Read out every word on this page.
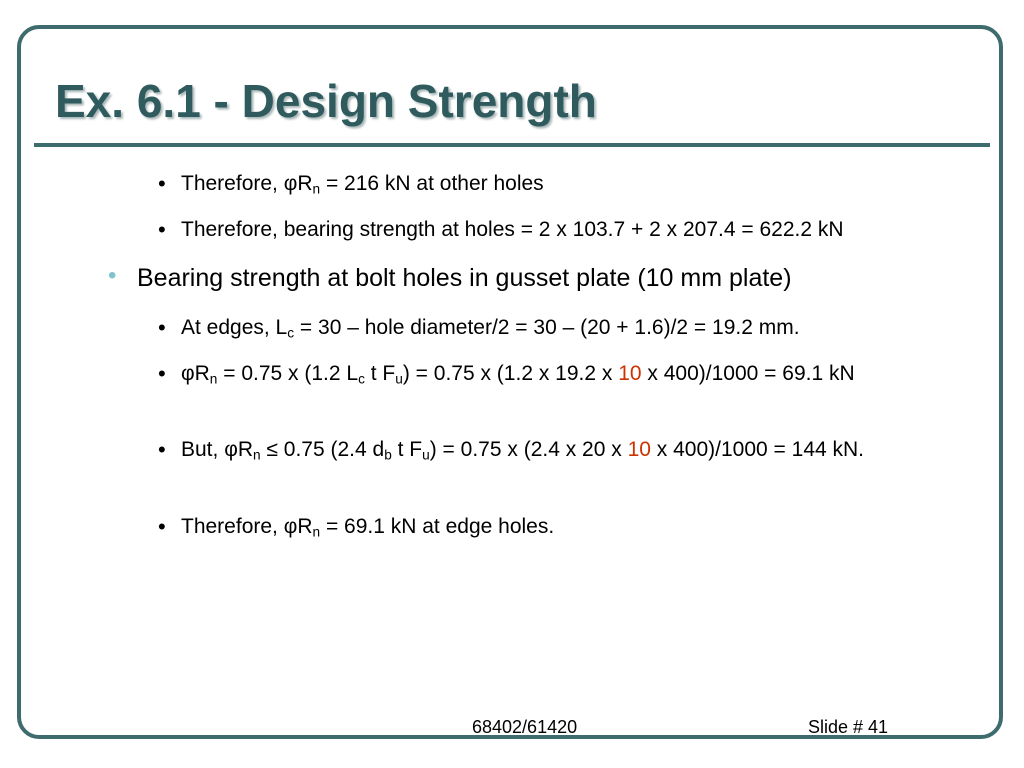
Ex. 6.1 - Design Strength
• Therefore, $\varphi R_n = 216$ kN at other holes
• Therefore, bearing strength at holes = 2 x 103.7 + 2 x 207.4 = 622.2 kN
• Bearing strength at bolt holes in gusset plate (10 mm plate)
• At edges, $L_c = 30$ – hole diameter/2 = 30 – (20 + 1.6)/2 = 19.2 mm.
• $\varphi R_n = 0.75$ x (1.2 $L_c$ t $F_u) = 0.75$ x (1.2 x 19.2 x 10 x 400)/1000 = 69.1 kN
• But, $\varphi R_n \le 0.75$ (2.4 $d_b$ t $F_u) = 0.75$ x (2.4 x 20 x 10 x 400)/1000 = 144 kN.
• Therefore, $\varphi R_n = 69.1$ kN at edge holes.
68402/61420	Slide # 41
